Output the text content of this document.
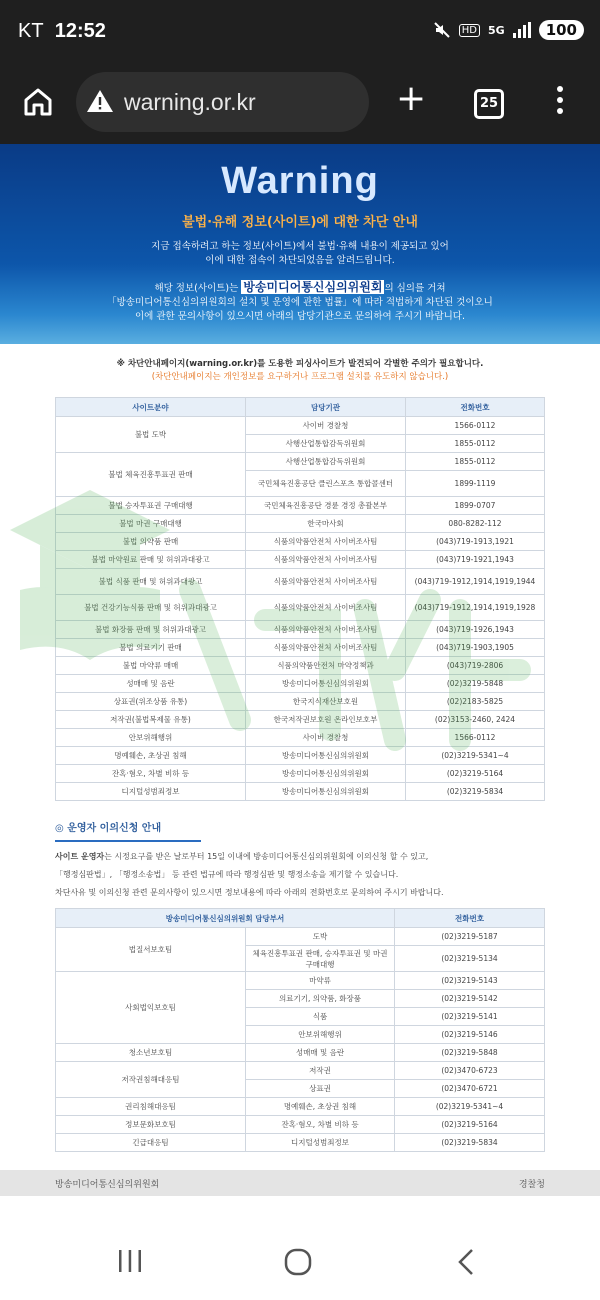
KT 12:52	HD 5G	100
warning.or.kr	+	25
Warning
불법·유해 정보(사이트)에 대한 차단 안내
지금 접속하려고 하는 정보(사이트)에서 불법·유해 내용이 제공되고 있어
이에 대한 접속이 차단되었음을 알려드립니다.
해당 정보(사이트)는 방송미디어통신심의위원회 의 심의를 거쳐
「방송미디어통신심의위원회의 설치 및 운영에 관한 법률」에 따라 적법하게 차단된 것이오니
이에 관한 문의사항이 있으시면 아래의 담당기관으로 문의하여 주시기 바랍니다.
※ 차단안내페이지(warning.or.kr)를 도용한 피싱사이트가 발견되어 각별한 주의가 필요합니다.
(차단안내페이지는 개인정보를 요구하거나 프로그램 설치를 유도하지 않습니다.)
사이트분야	담당기관	전화번호
불법 도박	사이버 경찰청	1566-0112
	사행산업통합감독위원회	1855-0112
불법 체육진흥투표권 판매	사행산업통합감독위원회	1855-0112
	국민체육진흥공단 클린스포츠 통합콜센터	1899-1119
불법 승자투표권 구매대행	국민체육진흥공단 경륜 경정 총괄본부	1899-0707
불법 마권 구매대행	한국마사회	080-8282-112
불법 의약품 판매	식품의약품안전처 사이버조사팀	(043)719-1913,1921
불법 마약원료 판매 및 허위과대광고	식품의약품안전처 사이버조사팀	(043)719-1921,1943
불법 식품 판매 및 허위과대광고	식품의약품안전처 사이버조사팀	(043)719-1912,1914,1919,1944
불법 건강기능식품 판매 및 허위과대광고	식품의약품안전처 사이버조사팀	(043)719-1912,1914,1919,1928
불법 화장품 판매 및 허위과대광고	식품의약품안전처 사이버조사팀	(043)719-1926,1943
불법 의료기기 판매	식품의약품안전처 사이버조사팀	(043)719-1903,1905
불법 마약류 매매	식품의약품안전처 마약정책과	(043)719-2806
성매매 및 음란	방송미디어통신심의위원회	(02)3219-5848
상표권(위조상품 유통)	한국지식재산보호원	(02)2183-5825
저작권(불법복제물 유통)	한국저작권보호원 온라인보호부	(02)3153-2460, 2424
안보위해행위	사이버 경찰청	1566-0112
명예훼손, 초상권 침해	방송미디어통신심의위원회	(02)3219-5341~4
잔혹·혐오, 차별 비하 등	방송미디어통신심의위원회	(02)3219-5164
디지털성범죄정보	방송미디어통신심의위원회	(02)3219-5834
◎ 운영자 이의신청 안내
사이트 운영자는 시정요구를 받은 날로부터 15일 이내에 방송미디어통신심의위원회에 이의신청 할 수 있고,
「행정심판법」, 「행정소송법」 등 관련 법규에 따라 행정심판 및 행정소송을 제기할 수 있습니다.
차단사유 및 이의신청 관련 문의사항이 있으시면 정보내용에 따라 아래의 전화번호로 문의하여 주시기 바랍니다.
방송미디어통신심의위원회 담당부서		전화번호
법질서보호팀	도박	(02)3219-5187
	체육진흥투표권 판매, 승자투표권 및 마권 구매대행	(02)3219-5134
사회법익보호팀	마약류	(02)3219-5143
	의료기기, 의약품, 화장품	(02)3219-5142
	식품	(02)3219-5141
	안보위해행위	(02)3219-5146
청소년보호팀	성매매 및 음란	(02)3219-5848
저작권침해대응팀	저작권	(02)3470-6723
	상표권	(02)3470-6721
권리침해대응팀	명예훼손, 초상권 침해	(02)3219-5341~4
정보문화보호팀	잔혹·혐오, 차별 비하 등	(02)3219-5164
긴급대응팀	디지털성범죄정보	(02)3219-5834
방송미디어통신심의위원회	경찰청
